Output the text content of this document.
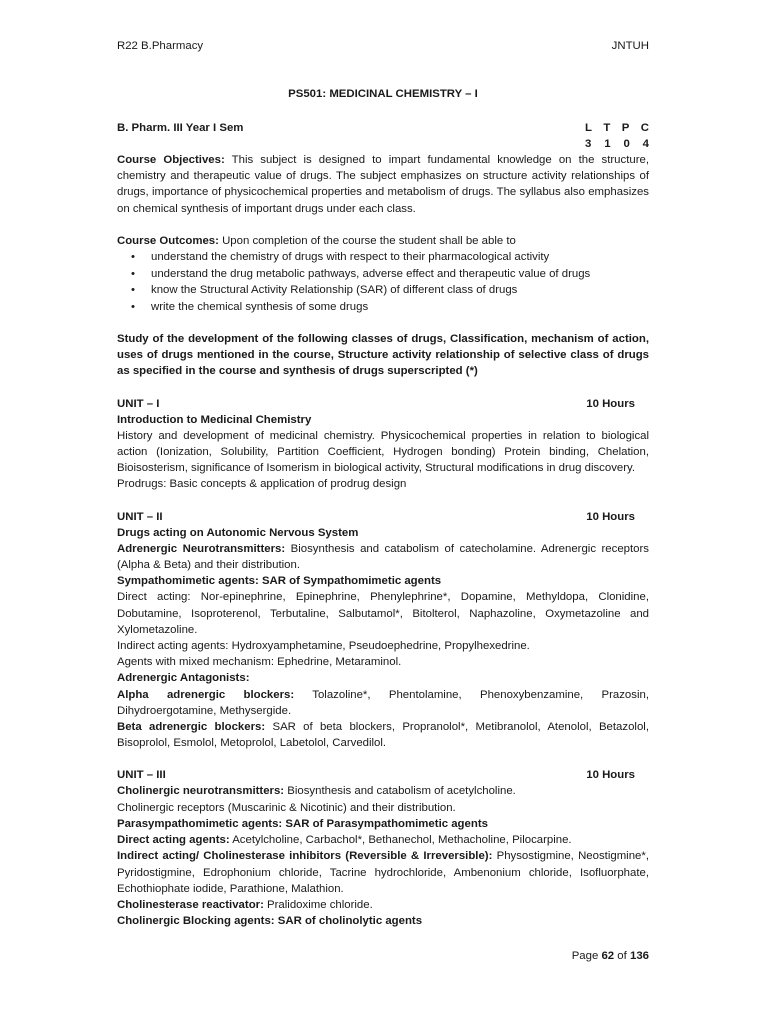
R22 B.Pharmacy	JNTUH
PS501: MEDICINAL CHEMISTRY – I
B. Pharm. III Year I Sem	L T P C
3 1 0 4

Course Objectives: This subject is designed to impart fundamental knowledge on the structure, chemistry and therapeutic value of drugs. The subject emphasizes on structure activity relationships of drugs, importance of physicochemical properties and metabolism of drugs. The syllabus also emphasizes on chemical synthesis of important drugs under each class.

Course Outcomes: Upon completion of the course the student shall be able to

• understand the chemistry of drugs with respect to their pharmacological activity
• understand the drug metabolic pathways, adverse effect and therapeutic value of drugs
• know the Structural Activity Relationship (SAR) of different class of drugs
• write the chemical synthesis of some drugs

Study of the development of the following classes of drugs, Classification, mechanism of action, uses of drugs mentioned in the course, Structure activity relationship of selective class of drugs as specified in the course and synthesis of drugs superscripted (*)

UNIT – I	10 Hours

Introduction to Medicinal Chemistry

History and development of medicinal chemistry. Physicochemical properties in relation to biological action (Ionization, Solubility, Partition Coefficient, Hydrogen bonding) Protein binding, Chelation, Bioisosterism, significance of Isomerism in biological activity, Structural modifications in drug discovery.

Prodrugs: Basic concepts & application of prodrug design

UNIT – II	10 Hours

Drugs acting on Autonomic Nervous System

Adrenergic Neurotransmitters: Biosynthesis and catabolism of catecholamine. Adrenergic receptors (Alpha & Beta) and their distribution.

Sympathomimetic agents: SAR of Sympathomimetic agents

Direct acting: Nor-epinephrine, Epinephrine, Phenylephrine*, Dopamine, Methyldopa, Clonidine, Dobutamine, Isoproterenol, Terbutaline, Salbutamol*, Bitolterol, Naphazoline, Oxymetazoline and Xylometazoline.

Indirect acting agents: Hydroxyamphetamine, Pseudoephedrine, Propylhexedrine.

Agents with mixed mechanism: Ephedrine, Metaraminol.

Adrenergic Antagonists:

Alpha adrenergic blockers: Tolazoline*, Phentolamine, Phenoxybenzamine, Prazosin, Dihydroergotamine, Methysergide.

Beta adrenergic blockers: SAR of beta blockers, Propranolol*, Metibranolol, Atenolol, Betazolol, Bisoprolol, Esmolol, Metoprolol, Labetolol, Carvedilol.

UNIT – III	10 Hours

Cholinergic neurotransmitters: Biosynthesis and catabolism of acetylcholine.

Cholinergic receptors (Muscarinic & Nicotinic) and their distribution.

Parasympathomimetic agents: SAR of Parasympathomimetic agents

Direct acting agents: Acetylcholine, Carbachol*, Bethanechol, Methacholine, Pilocarpine.

Indirect acting/ Cholinesterase inhibitors (Reversible & Irreversible): Physostigmine, Neostigmine*, Pyridostigmine, Edrophonium chloride, Tacrine hydrochloride, Ambenonium chloride, Isofluorphate, Echothiophate iodide, Parathione, Malathion.

Cholinesterase reactivator: Pralidoxime chloride.

Cholinergic Blocking agents: SAR of cholinolytic agents

Page 62 of 136
